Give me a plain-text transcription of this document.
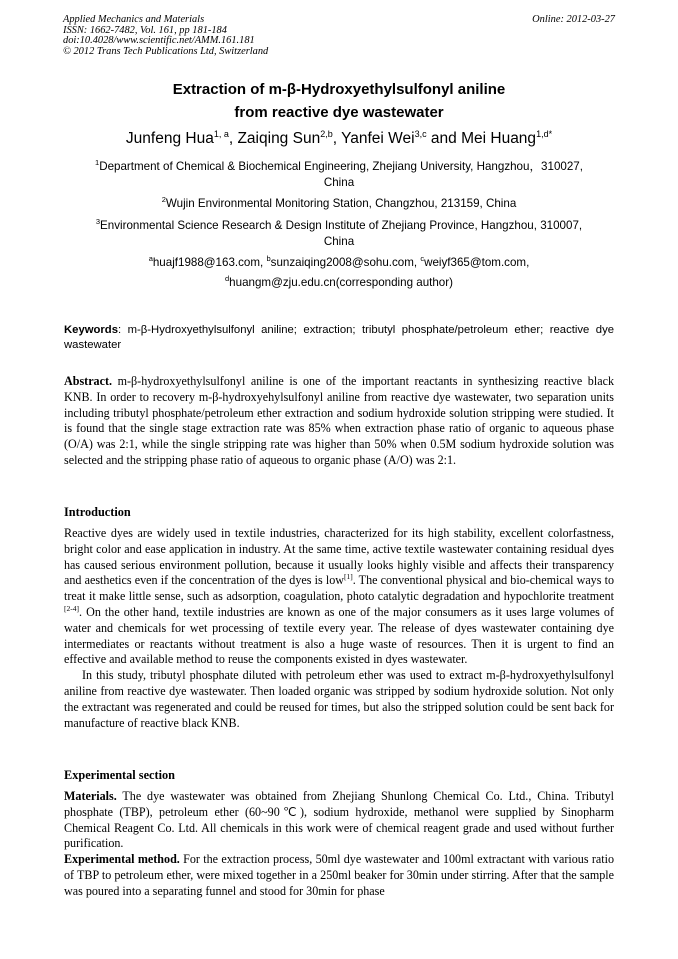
Applied Mechanics and Materials
ISSN: 1662-7482, Vol. 161, pp 181-184
doi:10.4028/www.scientific.net/AMM.161.181
© 2012 Trans Tech Publications Ltd, Switzerland
Online: 2012-03-27
Extraction of m-β-Hydroxyethylsulfonyl aniline
from reactive dye wastewater
Junfeng Hua$^{1, a}$, Zaiqing Sun$^{2,b}$, Yanfei Wei$^{3,c}$ and Mei Huang$^{1,d*}$
$^1$Department of Chemical & Biochemical Engineering, Zhejiang University, Hangzhou，310027,
China
$^2$Wujin Environmental Monitoring Station, Changzhou, 213159, China
$^3$Environmental Science Research & Design Institute of Zhejiang Province, Hangzhou, 310007,
China
$^a$huajf1988@163.com, $^b$sunzaiqing2008@sohu.com, $^c$weiyf365@tom.com,
$^d$huangm@zju.edu.cn(corresponding author)
Keywords: m-β-Hydroxyethylsulfonyl aniline; extraction; tributyl phosphate/petroleum ether; reactive dye wastewater

Abstract. m-β-hydroxyethylsulfonyl aniline is one of the important reactants in synthesizing reactive black KNB. In order to recovery m-β-hydroxyehylsulfonyl aniline from reactive dye wastewater, two separation units including tributyl phosphate/petroleum ether extraction and sodium hydroxide solution stripping were studied. It is found that the single stage extraction rate was 85% when extraction phase ratio of organic to aqueous phase (O/A) was 2:1, while the single stripping rate was higher than 50% when 0.5M sodium hydroxide solution was selected and the stripping phase ratio of aqueous to organic phase (A/O) was 2:1.

Introduction

Reactive dyes are widely used in textile industries, characterized for its high stability, excellent colorfastness, bright color and ease application in industry. At the same time, active textile wastewater containing residual dyes has caused serious environment pollution, because it usually looks highly visible and affects their transparency and aesthetics even if the concentration of the dyes is low[1]. The conventional physical and bio-chemical ways to treat it make little sense, such as adsorption, coagulation, photo catalytic degradation and hypochlorite treatment [2-4]. On the other hand, textile industries are known as one of the major consumers as it uses large volumes of water and chemicals for wet processing of textile every year. The release of dyes wastewater containing dye intermediates or reactants without treatment is also a huge waste of resources. Then it is urgent to find an effective and available method to reuse the components existed in dyes wastewater.

In this study, tributyl phosphate diluted with petroleum ether was used to extract m-β-hydroxyethylsulfonyl aniline from reactive dye wastewater. Then loaded organic was stripped by sodium hydroxide solution. Not only the extractant was regenerated and could be reused for times, but also the stripped solution could be sent back for manufacture of reactive black KNB.

Experimental section

Materials. The dye wastewater was obtained from Zhejiang Shunlong Chemical Co. Ltd., China. Tributyl phosphate (TBP), petroleum ether (60~90℃), sodium hydroxide, methanol were supplied by Sinopharm Chemical Reagent Co. Ltd. All chemicals in this work were of chemical reagent grade and used without further purification.

Experimental method. For the extraction process, 50ml dye wastewater and 100ml extractant with various ratio of TBP to petroleum ether, were mixed together in a 250ml beaker for 30min under stirring. After that the sample was poured into a separating funnel and stood for 30min for phase
